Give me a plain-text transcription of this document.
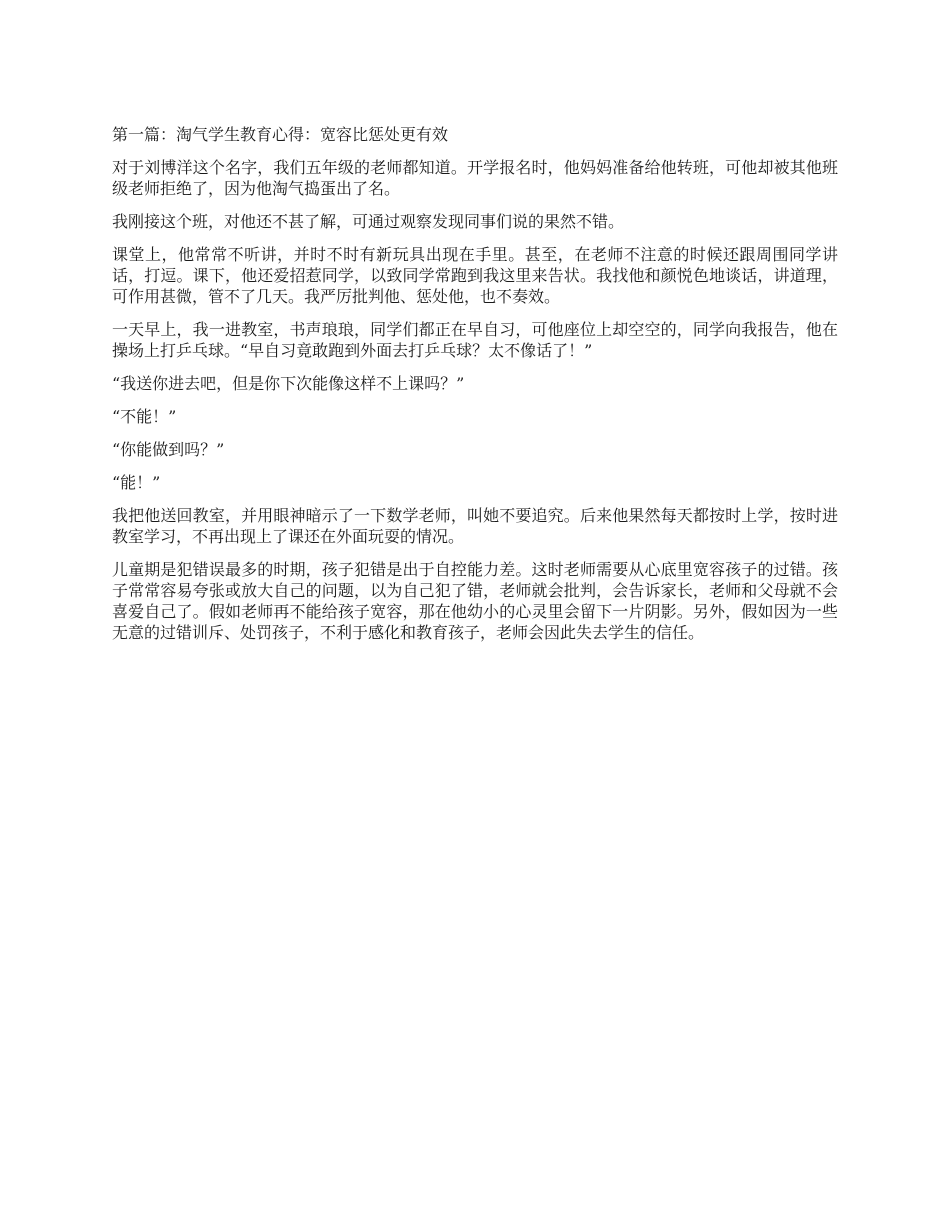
第一篇：淘气学生教育心得：宽容比惩处更有效

对于刘博洋这个名字，我们五年级的老师都知道。开学报名时，他妈妈准备给他转班，可他却被其他班级老师拒绝了，因为他淘气捣蛋出了名。

我刚接这个班，对他还不甚了解，可通过观察发现同事们说的果然不错。

课堂上，他常常不听讲，并时不时有新玩具出现在手里。甚至，在老师不注意的时候还跟周围同学讲话，打逗。课下，他还爱招惹同学，以致同学常跑到我这里来告状。我找他和颜悦色地谈话，讲道理，可作用甚微，管不了几天。我严厉批判他、惩处他，也不奏效。

一天早上，我一进教室，书声琅琅，同学们都正在早自习，可他座位上却空空的，同学向我报告，他在操场上打乒乓球。“早自习竟敢跑到外面去打乒乓球？太不像话了！”

“我送你进去吧，但是你下次能像这样不上课吗？”

“不能！”

“你能做到吗？”

“能！”

我把他送回教室，并用眼神暗示了一下数学老师，叫她不要追究。后来他果然每天都按时上学，按时进教室学习，不再出现上了课还在外面玩耍的情况。

儿童期是犯错误最多的时期，孩子犯错是出于自控能力差。这时老师需要从心底里宽容孩子的过错。孩子常常容易夸张或放大自己的问题，以为自己犯了错，老师就会批判，会告诉家长，老师和父母就不会喜爱自己了。假如老师再不能给孩子宽容，那在他幼小的心灵里会留下一片阴影。另外，假如因为一些无意的过错训斥、处罚孩子，不利于感化和教育孩子，老师会因此失去学生的信任。
